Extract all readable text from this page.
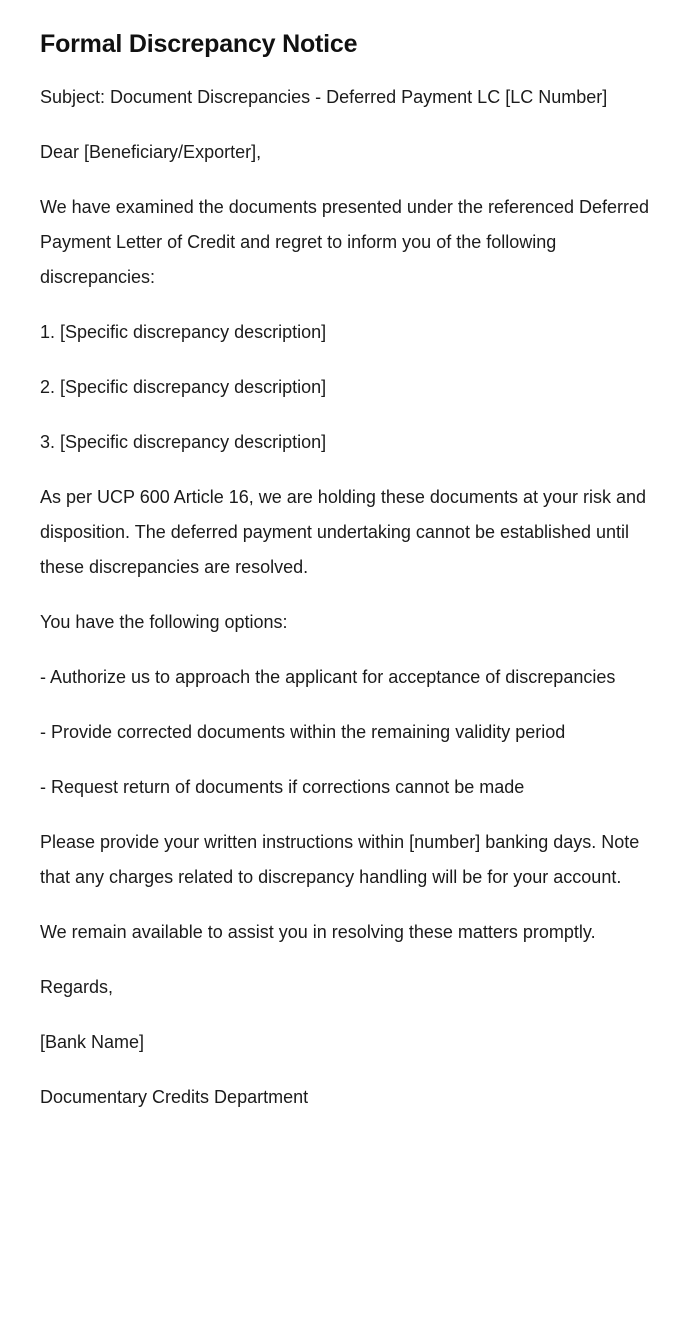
Formal Discrepancy Notice

Subject: Document Discrepancies - Deferred Payment LC [LC Number]

Dear [Beneficiary/Exporter],

We have examined the documents presented under the referenced Deferred Payment Letter of Credit and regret to inform you of the following discrepancies:

1. [Specific discrepancy description]

2. [Specific discrepancy description]

3. [Specific discrepancy description]

As per UCP 600 Article 16, we are holding these documents at your risk and disposition. The deferred payment undertaking cannot be established until these discrepancies are resolved.

You have the following options:

- Authorize us to approach the applicant for acceptance of discrepancies

- Provide corrected documents within the remaining validity period

- Request return of documents if corrections cannot be made

Please provide your written instructions within [number] banking days. Note that any charges related to discrepancy handling will be for your account.

We remain available to assist you in resolving these matters promptly.

Regards,

[Bank Name]

Documentary Credits Department
